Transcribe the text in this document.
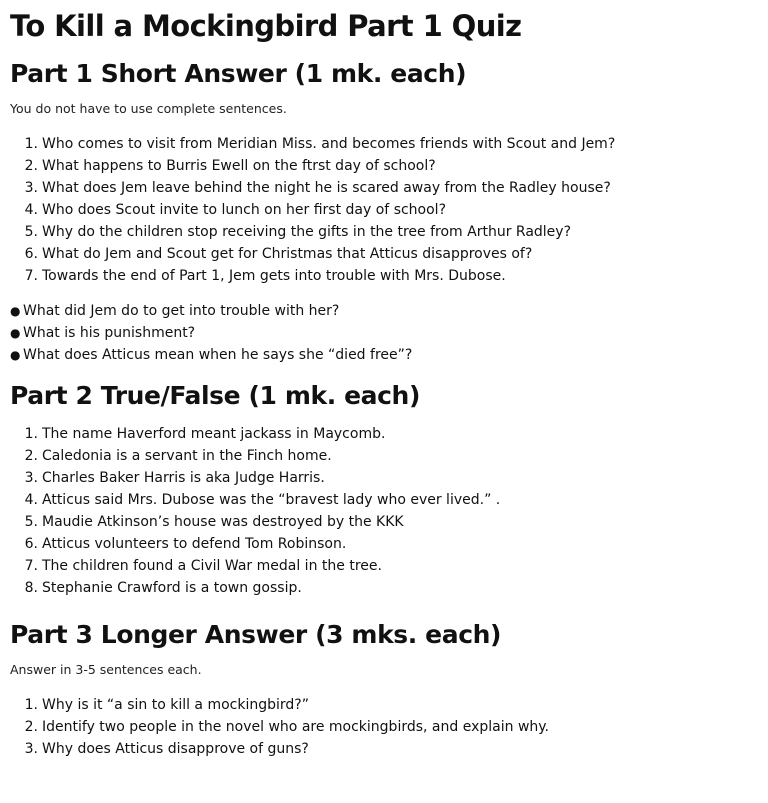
To Kill a Mockingbird Part 1 Quiz
Part 1 Short Answer (1 mk. each)

You do not have to use complete sentences.

1. Who comes to visit from Meridian Miss. and becomes friends with Scout and Jem?
2. What happens to Burris Ewell on the ftrst day of school?
3. What does Jem leave behind the night he is scared away from the Radley house?
4. Who does Scout invite to lunch on her first day of school?
5. Why do the children stop receiving the gifts in the tree from Arthur Radley?
6. What do Jem and Scout get for Christmas that Atticus disapproves of?
7. Towards the end of Part 1, Jem gets into trouble with Mrs. Dubose.
● What did Jem do to get into trouble with her?
● What is his punishment?
● What does Atticus mean when he says she “died free”?
Part 2 True/False (1 mk. each)
1. The name Haverford meant jackass in Maycomb.
2. Caledonia is a servant in the Finch home.
3. Charles Baker Harris is aka Judge Harris.
4. Atticus said Mrs. Dubose was the “bravest lady who ever lived.” .
5. Maudie Atkinson’s house was destroyed by the KKK
6. Atticus volunteers to defend Tom Robinson.
7. The children found a Civil War medal in the tree.
8. Stephanie Crawford is a town gossip.
Part 3 Longer Answer (3 mks. each)

Answer in 3-5 sentences each.

1. Why is it “a sin to kill a mockingbird?”
2. Identify two people in the novel who are mockingbirds, and explain why.
3. Why does Atticus disapprove of guns?
